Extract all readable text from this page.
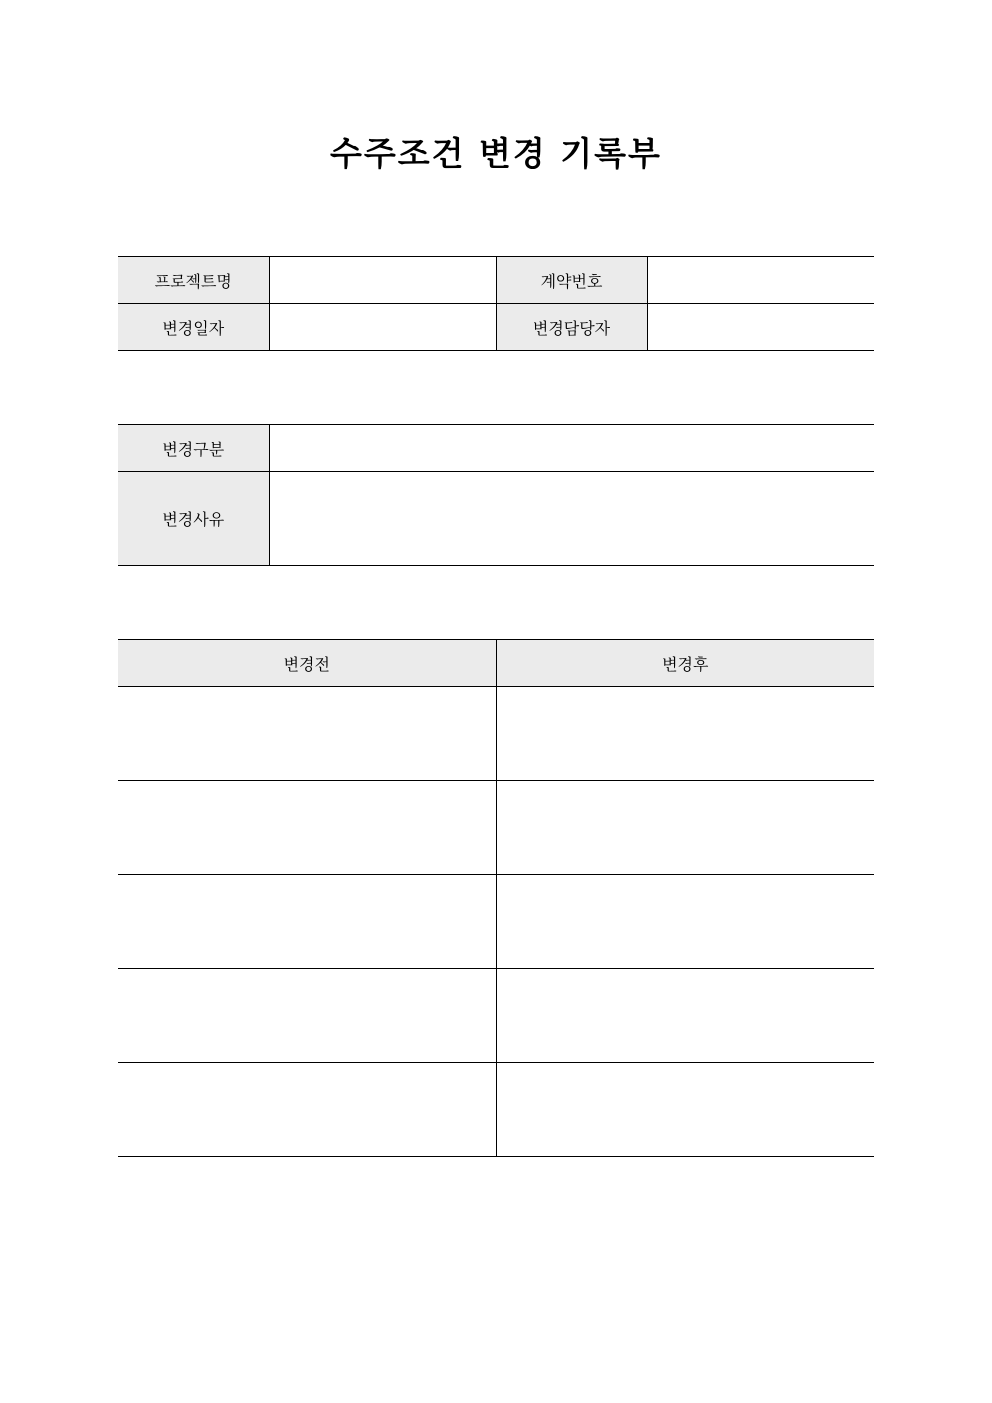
수주조건 변경 기록부
프로젝트명		계약번호	
변경일자		변경담당자	
변경구분	
변경사유	
변경전	변경후
